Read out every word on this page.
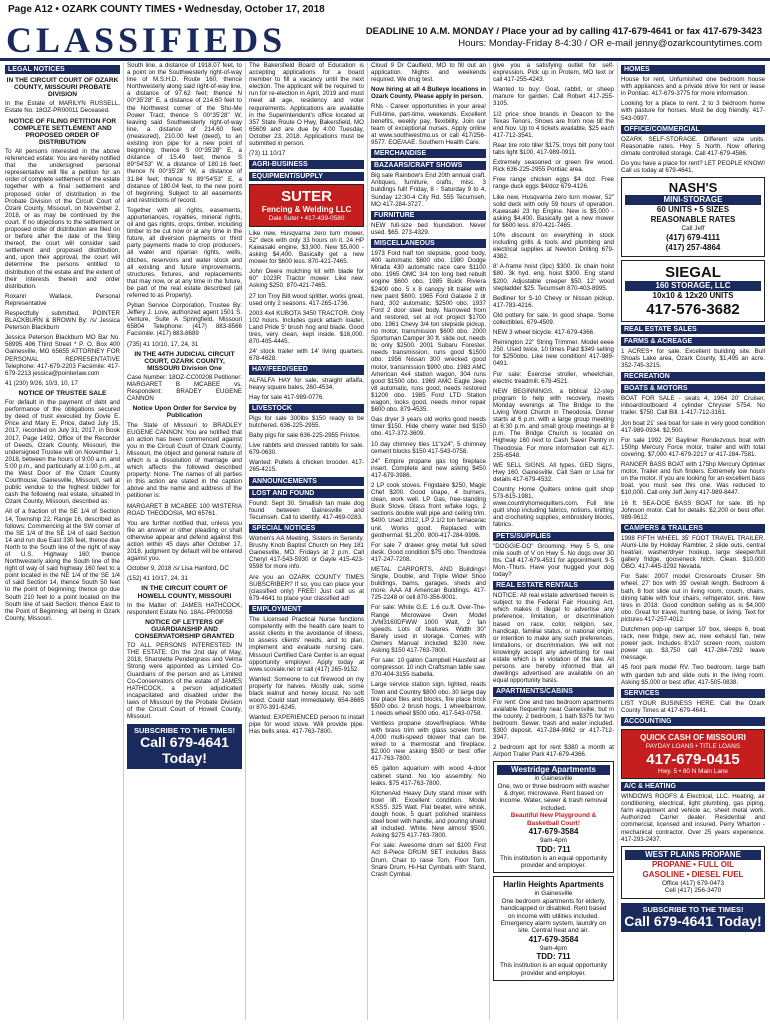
Page A12 • OZARK COUNTY TIMES • Wednesday, October 17, 2018
CLASSIFIEDS	DEADLINE 10 A.M. MONDAY / Place your ad by calling 417-679-4641 or fax 417-679-3423
Hours: Monday-Friday 8-4:30 / OR e-mail jenny@ozarkcountytimes.com
LEGAL NOTICES
IN THE CIRCUIT COURT OF OZARK COUNTY, MISSOURI PROBATE DIVISION

In the Estate of MARILYN RUSSELL, Estate No. 18OZ-PR00011 Deceased.

NOTICE OF FILING PETITION FOR COMPLETE SETTLEMENT AND PROPOSED ORDER OF DISTRIBUTION

To All persons interested in the above referenced estate: You are hereby notified that the undersigned personal representative will file a petition for an order of complete settlement of the estate together with a final settlement and proposed order of distribution in the Probate Division of the Circuit Court of Ozark County, Missouri, on November 2, 2018, or as may be continued by the court. If no objections to the settlement or proposed order of distribution are filed on or before after the date of the filing thereof, the court will consider said settlement and proposed distribution, and, upon their approval, the court will determine the persons entitled to distribution of the estate and the extent of their interests therein and order distribution.

Roxann Wallace, Personal Representative

Respectfully submitted, POINTER BLACKBURN & BROWN By: /s/ Jessica Peterson Blackburn

Jessica Peterson Blackburn MO Bar No. 58995 496 Third Street * P. O. Box 400 Gainesville, MO 65655 ATTORNEY FOR PERSONAL REPRESENTATIVE Telephone: 417-679-2203 Facsimile: 417-679-2213 jessica@pointerlaw.com

41 (230) 9/26, 10/3, 10, 17

NOTICE OF TRUSTEE SALE

For default in the payment of debt and performance of the obligations secured by deed of trust executed by Dovie E. Price and Mary E. Price, dated July 15, 2017, recorded on July 31, 2017, in Book 2017, Page 1492, Office of the Recorder of Deeds, Ozark County, Missouri, the undersigned Trustee will on November 1, 2018, between the hours of 9:00 a.m. and 5:00 p.m., and particularly at 1:00 p.m., at the West Door of the Ozark County Courthouse, Gainesville, Missouri, sell at public vendue to the highest bidder for cash the following real estate, situated in Ozark County, Missouri, described as:

All of a fraction of the SE 1/4 of Section 14, Township 22, Range 16, described as follows: Commencing at the SW corner of the SE 1/4 of the SE 1/4 of said Section 14 and run due East 330 feet, thence due North to the South line of the right of way of U.S. Highway 160; thence Northwesterly along the South line of the right of way of said highway 160 feet to a point located in the NE 1/4 of the SE 1/4 of said Section 14, thence South 50 feet to the point of beginning; thence go due South 210 feet to a point located on the South line of said Section; thence East to the Point of Beginning, all being in Ozark County, Missouri.

South line, a distance of 1918.07 feet, to a point on the Southwesterly right-of-way line of M.S.H.D. Route 160; thence Northwesterly along said right-of-way line, a distance of 97.62 feet; thence N 00°35'28" E, a distance of 214.60 feet to the Northwest corner of the Sho-Me Power Tract; thence S 00°35'28" W, leaving said Southwesterly right-of-way line, a distance of 214.60 feet (measured), 210.00 feet (deed), to an existing iron pipe for a new point of beginning; thence S 00°35'28" E, a distance of 15.49 feet; thence S 89°54'53" W, a distance of 180.16 feet; thence N 00°35'28" W, a distance of 31.84 feet; thence N 89°54'53" E, a distance of 180.04 feet, to the new point of beginning. Subject to all easements and restrictions of record.

Together with all rights, easements, appurtenances, royalties, mineral rights, oil and gas rights, crops, timber, including timber to be cut now or at any time in the future, all diversion payments or third party payments made to crop producers, all water and riparian rights, wells, ditches, reservoirs and water stock and all existing and future improvements, structures, fixtures, and replacements that may now, or at any time in the future, be part of the real estate described (all referred to as Property).

Pyban Service Corporation, Trustee By: Jeffery J. Love, authorized agent 1501 S. Venture, Suite A Springfield, Missouri 65804 Telephone: (417) 883-8566 Facsimile: (417) 883-8689

(735) 41 10/10, 17, 24, 31

IN THE 44TH JUDICIAL CIRCUIT COURT, OZARK COUNTY, MISSOURI Division One

Case Number: 18OZ-CC00208 Petitioner: MARGARET B MCABEE vs. Respondent: BRADEY EUGENE CANNON

Notice Upon Order for Service by Publication

The State of Missouri to BRADLEY EUGENE CANNON: You are notified that an action has been commenced against you in the Circuit Court of Ozark County, Missouri, the object and general nature of which is a dissolution of marriage and which affects the followed described property: None. The names of all parties in this action are stated in the caption above and the name and address of the petitioner is:

MARGARET B MCABEE 100 WISTERIA ROAD THEODOSIA, MO 65761.

You are further notified that, unless you file an answer or other pleading or shall otherwise appear and defend against this action within 45 days after October 17, 2018, judgment by default will be entered against you.

October 9, 2018 /s/ Lisa Hanford, DC

(152) 41 10/17, 24, 31

IN THE CIRCUIT COURT OF HOWELL COUNTY, MISSOURI

In the Matter of: JAMES HATHCOCK, respondent Estate No. 18AL-PR00058

NOTICE OF LETTERS OF GUARDIANSHIP AND CONSERVATORSHIP GRANTED

TO ALL PERSONS INTERESTED IN THE ESTATE: On the 2nd day of May, 2018, Sharolette Pendergrass and Velma Strong were appointed as Limited Co-Guardians of the person and as Limited Co-Conservators of the estate of JAMES HATHCOCK, a person adjudicated incapacitated and disabled under the laws of Missouri by the Probate Division of the Circuit Court of Howell County, Missouri.

SUBSCRIBE TO THE TIMES!
Call 679-4641 Today!

The Bakersfield Board of Education is accepting applications for a board member to fill a vacancy until the next election. The applicant will be required to run for re-election in April, 2019 and must meet all age, residency and voter requirements. Applications are available in the Superintendent's office located at 357 State Route O Hwy, Bakersfield, MO 65609 and are due by 4:00 Tuesday, October 23, 2018. Applications must be submitted in person.

(73) 11 10/17

AGRI-BUSINESS
EQUIPMENT/SUPPLY
SUTER
Fencing & Welding LLC
Dale Suter • 417-439-0580

Like new, Husqvarna zero turn mower, 52" deck with only 33 hours on it. 24 HP Kawasaki engine, $3,900. New $5,000 - asking $4,400. Basically get a new mower for $600 less. 870-421-7465.

John Deere mulching kit with blade for 60" 1023R Tractor mower. Like new. Asking $250. 870-421-7465.

27 ton Troy Bilt wood splitter, works great, used only 2 seasons. 417-265-1736.

2003 4x4 KUBOTA 3450 TRACTOR. Only 102 hours. Includes quick attach loader, Land Pride 5' brush hog and blade. Good tires, very clean, kept inside. $16,000. 870-405-4445.

24' stock trailer with 14' living quarters. 678-4628.

HAY/FEED/SEED

ALFALFA HAY for sale, straight alfalfa, heavy square bales, 260-4534.

Hay for sale 417-989-0776.

LIVESTOCK

Pigs for sale 300lbs $150 ready to be butchered. 636-225-2955.

Baby pigs for sale 636-225-2955 Fristoe.

Live rabbits and dressed rabbits for sale. 679-0630.

Wanted: Pullets & chicken brooder. 417-265-4215.

ANNOUNCEMENTS
LOST AND FOUND

Found: Sept 30. Smallish tan male dog found between Gainesville and Tecumseh. Call to identify. 417-469-0283.

SPECIAL NOTICES

Women's AA Meeting, Sisters in Serenity. Brushy Knob Baptist Church on Hwy 181 Gainesville, MO. Fridays at 2 p.m. Call Cheryl 417-543-5930 or Gayle 415-423-9598 for more info.

Are you an OZARK COUNTY TIMES SUBSCRIBER? If so, you can place your (classified only) FREE! Just call us at 679-4641 to place your classified ad!

EMPLOYMENT

The Licensed Practical Nurse functions competently with the health care team to assist clients in the avoidance of illness, to assess clients' needs, and to plan, implement and evaluate nursing care. Missouri Certified Care Center is an equal opportunity employer. Apply today at www.scovale.net or call (417) 265-9152.

Wanted: Someone to cut firewood on my property for halves. Mostly oak, some black walnut and honey locust. No soft wood. Could start immediately. 654-8665 or 870-391-6245.

Wanted: EXPERIENCED person to install pipe for wood stove. Will provide pipe. Has bells area. 417-763-7800.

Cloud 9 Dr Caulfield, MO to fill out an application. Nights and weekends required. We drug test.

Now hiring at all 4 Bulleye locations in Ozark County. Please apply in person.

RNs - Career opportunities in your area! Full-time, part-time, weekends. Excellent benefits, weekly pay, flexibility. Join our team of exceptional nurses. Apply online at www.southwestmo.us or call 417/256-9577. EOE/AAE. Southern Health Care.

MERCHANDISE
BAZAARS/CRAFT SHOWS

Big sale Rainbow's End 20th annual craft. Antiques, furniture, crafts, misc. 3 buildings full! Friday, 8 - Saturday 9 to 4, Sunday 12:30-4 City Rd. 555 Tecumseh, MO 417-284-3727.

FURNITURE

NEW full-size bed foundation. Never used. $65. 273-4329.

MISCELLANEOUS

1973 Ford half ton stepside, good body, 400 automatic $600 obo. 1980 Dodge Mirada 430 automatic race care $1100 obo. 1965 OMC 3/4 ton long bed rebuilt engine $600 obo. 1985 Buick Riviera $2400 obo. 5 x 8 canopy tilt trailer with new paint $600. 1965 Ford Galaxie 2 dr hard, 302 automatic, $2500 obo. 1937 Ford 2 door steel body. Narrowed from and restored, set at not project $1700 obo. 1961 Chevy 3/4 ton stepside pickup, no motor, transmission $600 obo. 2000 Sportsman Camper 30 ft. slide out, needs tlc only $2500. 2001 Subaru Forester, needs transmission, runs good $1500 obo. 1956 Nissan 300 wrecked good motor, transmission $900 obo. 1983 AMC American 4x4 station wagon, 304 runs good $1500 obo. 1969 AMC Eagle Jeep v8 automatic, runs good, needs restored $1200 obo. 1985 Ford LTD Station wagon, looks good, needs minor repair $600 obo. 879-4535.

Gas dryer 3 years old works good needs timer $150. Hide cherry water bed $150 obo. 417-372-3609.

10 day chimney tiles 11"x24", 5 chimney cement blocks $150 417-543-0758.

24" Empire propane gas log fireplace insert. Complete and new asking $450 417-679-3986.

2 LP cook stoves. Frigidaire $250, Magic Chef $200. Good shape, 4 burners, clean, work well. LP Gas, free-standing Buck Stove. Glass front w/fake logs, 2 sections double wall pipe and ceiling trim. $400. Used 2012, LP 2 1/2 ton furnace/ac unit. Works good. Replaced with geothermal. $1,200. 800-417-284-9996.

For sale 7 drawer grey metal full sized desk. Good condition $75 obo. Theodosia 417-247-7208.

METAL CARPORTS, AND Buildings! Single, Double, and Triple Wide! Shoo buildings, barns, garages, sheds and more. AAA All American Buildings. 417-725-2248 or cell 870-356-9001.

For sale: White G.E. 1.6 cu.ft. Over-The-Range Microwave Oven Model JVM3160DFWW 1000 Watt, 2 fan speeds. Lots of features. Width 30" Barely used in storage. Comes with Owners Manual included $230 new. Asking $150 417-763-7800.

For sale: 10 gallon Campbell Hausfeld air compressor. 10 inch Craftsman table saw. 870-404-3155 Isabella.

Large service station sign, lighted, reads Town and Country $800 obo. 30 large day tire place files and blocks, fire place brick $500 obo. 2 brush hogs, 1 wheelbarrow, 1 needs wheel $500 obo. 417-543-0758.

Ventless propane stove/fireplace. White with brass trim with glass screen front. 4,000 multi-speed blower that can be wired to a thermostat and fireplace. $2,000 new asking $500 or best offer 417-763-7800.

65 gallon aquarium with wood 4-door cabinet stand. No too assembly. No leaks. $75 417-763-7800.

KitchenAid Heavy Duty stand mixer with bowl lift. Excellent condition. Model KSSS. 325 Watt. Flat beater, wire whisk, dough hook, 5 quart polished stainless steel bowl with handle, and pouring shield all included. White. New almost $500. Asking $275 417-763-7800.

For sale: Awesome drum set $100 First Act 8-Piece DRUM SET includes Bass Drum, Chair to raise Tom, Floor Tom, Snare Drum, Hi-Hat Cymbals with Stand, Crash Cymbal.

give you a satisfying outlet for self-expression. Pick up in Protem, MO text or call 417-255-4243.

Wanted to buy: Goat, rabbit, or sheep manure for garden. Call Robert 417-255-3105.

1/2 price shoe brands in Deacon to the Texas Tenors, Shows are from now till the end Nov. Up to 4 tickets available, $25 each 417-712-3541.

Rear tire roto tiller $175, troys bilt pony tool tabs light $100, 417-989-0911.

Extremely seasoned or green fire wood. Rick 636-225-2955 Pontiac area.

Free range chicken eggs $4 doz. Free range duck eggs $4/doz 679-4126.

Like new, Husqvarna zero turn mower, 52" solid deck with only 59 hours of operation. Kawasaki 23 hp Engine. New is $5,000 - asking $4,400. Basically get a new mower for $600 less. 870-421-7465.

10% discount on everything in stock including grills & tools and plumbing and electrical supplies at Newton Drilling 679-4382.

8' A-frame hoist (3pc) $300. 1k chain hoist $80. 3k hyd. eng. hoist $300. Eng stand $200. Adjustable creeper $50. 12' wood stepladder $25. Tecumseh 870-403-8995.

Bedliner for S-10 Chevy or Nissan pickup, 417-783-4216.

Old pottery for sale. In good shape. Some collectibles. 679-4509.

NEW 3 wheel bicycle. 417-679-4366.

Remington 22" String Trimmer. Model eeee 250. Used twice. 10 times Paid $349 selling for $250obo. Like new condition! 417-989-0491.

For sale: Exercise stroller, wheelchair, electric treadmill. 679-4521.

NEW BEGINNINGS, a biblical 12-step program to help with recovery, meets Monday evenings at The Bridge to the Living Word Church in Theodosia. Dinner starts at 6 p.m. with a large group meeting at 6:30 p.m. and small group meetings at 8 p.m. The Bridge Church is located on Highway 160 next to Cash Saver Pantry in Theodosia. For more information call 417-255-6548.

WE SELL SIGNS. All types. GED Signs, Hwy 160, Gainesville. Call Sam or Lisa for details 417-679-4532.

Country Home Quilters online quilt shop 573-615-1981, www.countryhomequilters.com. Full line quilt shop including fabrics, notions, knitting and crocheting supplies, embroidery blocks, fabrics.

PETS/SUPPLIES

"DOGGIE-DO" Grooming. Hwy 5 S, one mile south of V on Hwy 5. No dogs over 30 lbs. Call 417-679-4531 for appointment. 9-5 Mon.-Thurs. Have your hugged your dog today?

REAL ESTATE RENTALS

NOTICE: All real estate advertised herein is subject to the Federal Fair Housing Act, which makes it illegal to advertise any preference, limitation, or discrimination based on race, color, religion, sex, handicap, familial status, or national origin, or intention to make any such preferences, limitations, or discrimination. We will not knowingly accept any advertising for real estate which is in violation of the law. All persons are hereby informed that all dwellings advertised are available on an equal opportunity basis.

APARTMENTS/CABINS

For rent: One and two bedroom apartments available frequently near Gainesville, but in the county. 2 bedroom, 1 bath $375 for two bedroom. Sewer, trash and water included. $300 deposit. 417-284-9962 or 417-712-3947.

2 bedroom apt for rent $380 a month at Airport Trailer Park 417-679-4366.

Westridge Apartments
in Gainesville
One, two or three bedroom with washer & dryer, microwave. Rent based on income. Water, sewer & trash removal included.
Beautiful New Playground & Basketball Court!
417-679-3584
9am-4pm
TDD: 711
This institution is an equal opportunity provider and employer.
Harlin Heights Apartments
in Gainesville
One bedroom apartments for elderly, handicapped or disabled. Rent based on income with utilities included. Emergency alarm system, laundry on site. Central heat and air.
417-679-3584
9am-4pm
TDD: 711
This institution is an equal opportunity provider and employer.
HOMES

House for rent. Unfurnished one bedroom house with appliances and a private drive for rent or lease in Pontiac. 417-679-3775 for more information.

Looking for a place to rent. 2 to 3 bedroom home with pasture for horses. Must be dog friendly. 417-543-0997.

OFFICE/COMMERCIAL

OZARK SELF-STORAGE. Different size units. Reasonable rates. Hwy 5 North. Now offering climate controlled storage. Call 417-679-4586.

Do you have a place for rent? LET PEOPLE KNOW! Call us today at 679-4641.

NASH'S
MINI-STORAGE
60 UNITS • 5 SIZES
REASONABLE RATES
Call Jeff
(417) 679-4111
(417) 257-4864
SIEGAL
160 STORAGE, LLC
10x10 & 12x20 UNITS
417-576-3682
REAL ESTATE SALES
FARMS & ACREAGE

1 ACRES+ for sale. Excellent building site. Bull Shoals Lake area, Ozark County, $1,495 an acre. 352-745-3215.

RECREATION
BOATS & MOTORS

BOAT FOR SALE - seats 4, 1964 20' Cruiser, inboard/outboard 4 cylinder Chrysler 5754. No trailer. $750. Call Bill. 1-417-712-3161.

Jon boat 21' sea boat for sale in very good condition 417-989-0934. $2,500.

For sale 1992 26' Bayliner Rendezvous boat with 150hp Mercury Force motor, trailer and with total covering. $7,000 417-679-2217 or 417-284-7581.

RANGER BASS BOAT with 175hp Mercury Optimax motor. Trailer and fish finders. Extremely low hours on the motor. If you are looking for an excellent bass boat, you must see this one. Was reduced to $10,000. Call only Jeff Jerry 417-989-8447.

16 ft. SEA-DOE BASS BOAT for sale. 85 hp Johnson motor. Call for details. $2,200 or best offer. 989-9612.

CAMPERS & TRAILERS

1998 FIFTH WHEEL 35' FOOT TRAVEL TRAILER. Alumi-Lite by Holiday Rambler, 2 slide outs, central heat/air, washer/dryer hookup, large sleeper/full gallery fridge, gooseneck hitch. Clean. $10,000 OBO. 417-445-3292 Nevada.

For Sale: 2007 model Crossroads Cruiser 5th wheel, 27' box with 35' overall length. Bedroom & bath, 8 foot slide out in living room, couch, chairs, dining table with four chairs, refrigerator, sink. New tires in 2018. Good condition selling as is $4,000 obo. Great for travel, hunting base, or living. Text for pictures 417-257-4012.

Dutchmen pop-up camper 10' box, sleeps 6, boat rack, new fridge, new ac, new exhaust fan, new power jack. Includes 8'x10' screen room, custom power up. $3,750 call 417-284-7292 leave message.

45 foot park model RV. Two bedroom, large bath with garden tub and slide outs in the living room. Asking $5,000 or best offer. 417-505-0838.

SERVICES

LIST YOUR BUSINESS HERE. Call the Ozark County Times at 417-679-4641.

ACCOUNTING
QUICK CASH OF MISSOURI
PAYDAY LOANS • TITLE LOANS
417-679-0415
Hwy. 5 • 80 N Main Lane
A/C & HEATING

WINDOWS ROOFS & Electrical, LLC. Heating, air conditioning, electrical, light plumbing, gas piping, farm equipment and vehicle ac, sheet metal work. Authorized Carrier dealer. Residential and commercial, licensed and insured. Perry Wharton - mechanical contractor. Over 25 years experience. 417-293-2437.

WEST PLAINS PROPANE
PROPANE • FULL OIL
GASOLINE • DIESEL FUEL
Office (417) 679-0473
Cell (417) 256-3470
SUBSCRIBE TO THE TIMES!
Call 679-4641 Today!
